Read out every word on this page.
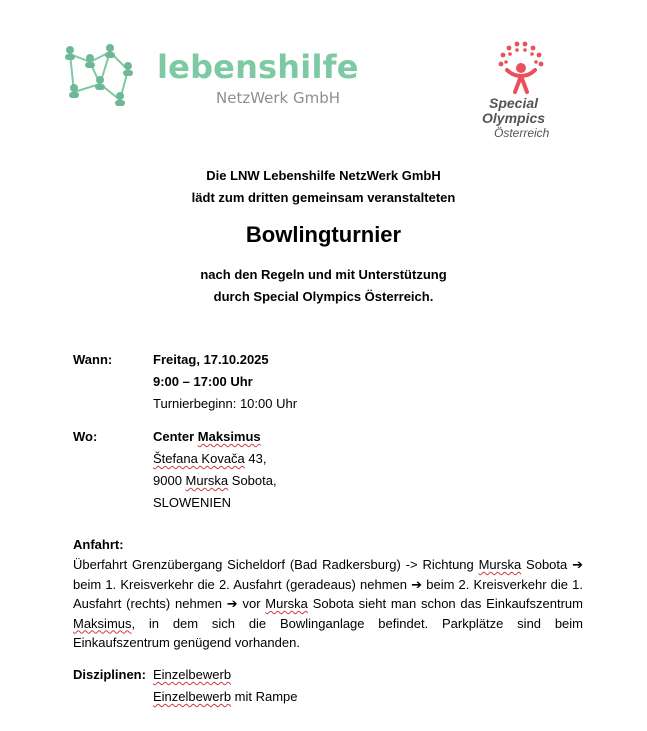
lebenshilfe
NetzWerk GmbH	Special
Olympics
Österreich
Die LNW Lebenshilfe NetzWerk GmbH
lädt zum dritten gemeinsam veranstalteten
Bowlingturnier
nach den Regeln und mit Unterstützung
durch Special Olympics Österreich.
Wann:	Freitag, 17.10.2025
9:00 – 17:00 Uhr
Turnierbeginn: 10:00 Uhr
Wo:	Center Maksimus
Štefana Kovača 43,
9000 Murska Sobota,
SLOWENIEN
Anfahrt:

Überfahrt Grenzübergang Sicheldorf (Bad Radkersburg) -> Richtung Murska Sobota ➔ beim 1. Kreisverkehr die 2. Ausfahrt (geradeaus) nehmen ➔ beim 2. Kreisverkehr die 1. Ausfahrt (rechts) nehmen ➔ vor Murska Sobota sieht man schon das Einkaufszentrum Maksimus, in dem sich die Bowlinganlage befindet. Parkplätze sind beim Einkaufszentrum genügend vorhanden.

Disziplinen: Einzelbewerb
Einzelbewerb mit Rampe
